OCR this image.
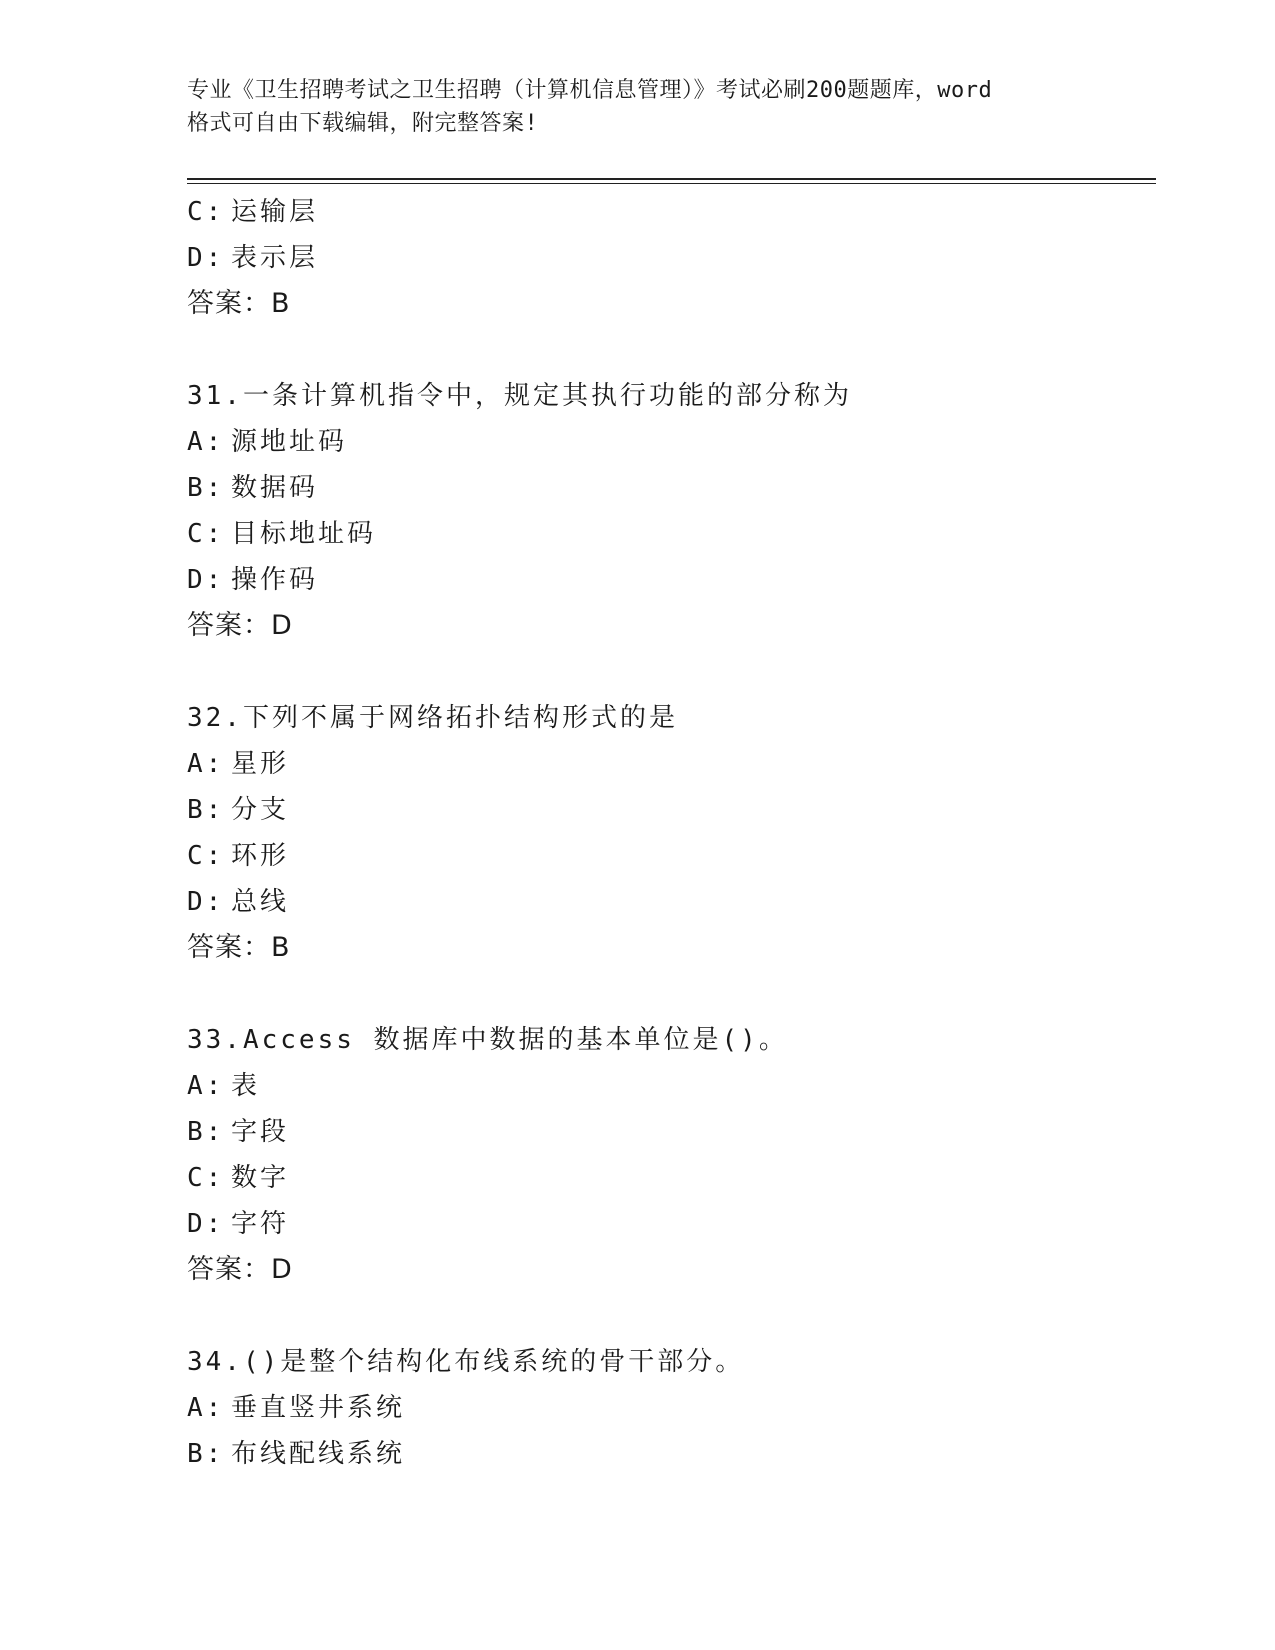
专业《卫生招聘考试之卫生招聘（计算机信息管理）》考试必刷200题题库，word
格式可自由下载编辑，附完整答案!
C: 运输层
D: 表示层
答案：B
31.一条计算机指令中，规定其执行功能的部分称为
A: 源地址码
B: 数据码
C: 目标地址码
D: 操作码
答案：D
32.下列不属于网络拓扑结构形式的是
A: 星形
B: 分支
C: 环形
D: 总线
答案：B
33.Access 数据库中数据的基本单位是()。
A: 表
B: 字段
C: 数字
D: 字符
答案：D
34.()是整个结构化布线系统的骨干部分。
A: 垂直竖井系统
B: 布线配线系统
